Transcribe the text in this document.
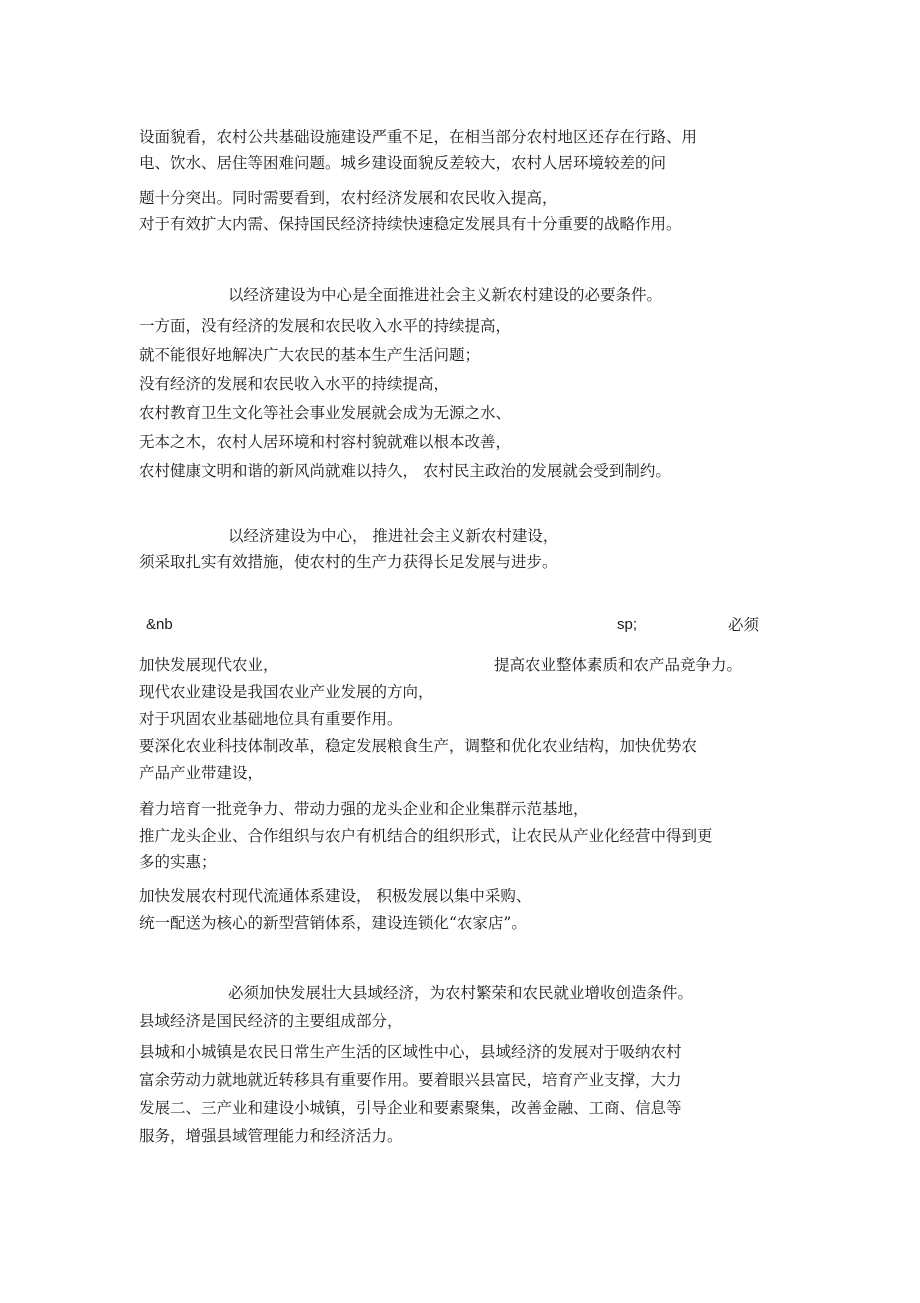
设面貌看，农村公共基础设施建设严重不足，在相当部分农村地区还存在行路、用
电、饮水、居住等困难问题。城乡建设面貌反差较大，农村人居环境较差的问
题十分突出。同时需要看到，农村经济发展和农民收入提高，
对于有效扩大内需、保持国民经济持续快速稳定发展具有十分重要的战略作用。
以经济建设为中心是全面推进社会主义新农村建设的必要条件。
一方面，没有经济的发展和农民收入水平的持续提高，
就不能很好地解决广大农民的基本生产生活问题；
没有经济的发展和农民收入水平的持续提高，
农村教育卫生文化等社会事业发展就会成为无源之水、
无本之木，农村人居环境和村容村貌就难以根本改善，
农村健康文明和谐的新风尚就难以持久， 农村民主政治的发展就会受到制约。
以经济建设为中心， 推进社会主义新农村建设，
须采取扎实有效措施，使农村的生产力获得长足发展与进步。
&nb	sp;	必须
加快发展现代农业，	提高农业整体素质和农产品竞争力。
现代农业建设是我国农业产业发展的方向，
对于巩固农业基础地位具有重要作用。
要深化农业科技体制改革，稳定发展粮食生产，调整和优化农业结构，加快优势农
产品产业带建设，
着力培育一批竞争力、带动力强的龙头企业和企业集群示范基地，
推广龙头企业、合作组织与农户有机结合的组织形式，让农民从产业化经营中得到更
多的实惠；
加快发展农村现代流通体系建设， 积极发展以集中采购、
统一配送为核心的新型营销体系，建设连锁化“农家店”。
必须加快发展壮大县域经济，为农村繁荣和农民就业增收创造条件。
县域经济是国民经济的主要组成部分，
县城和小城镇是农民日常生产生活的区域性中心，县域经济的发展对于吸纳农村
富余劳动力就地就近转移具有重要作用。要着眼兴县富民，培育产业支撑，大力
发展二、三产业和建设小城镇，引导企业和要素聚集，改善金融、工商、信息等
服务，增强县域管理能力和经济活力。
